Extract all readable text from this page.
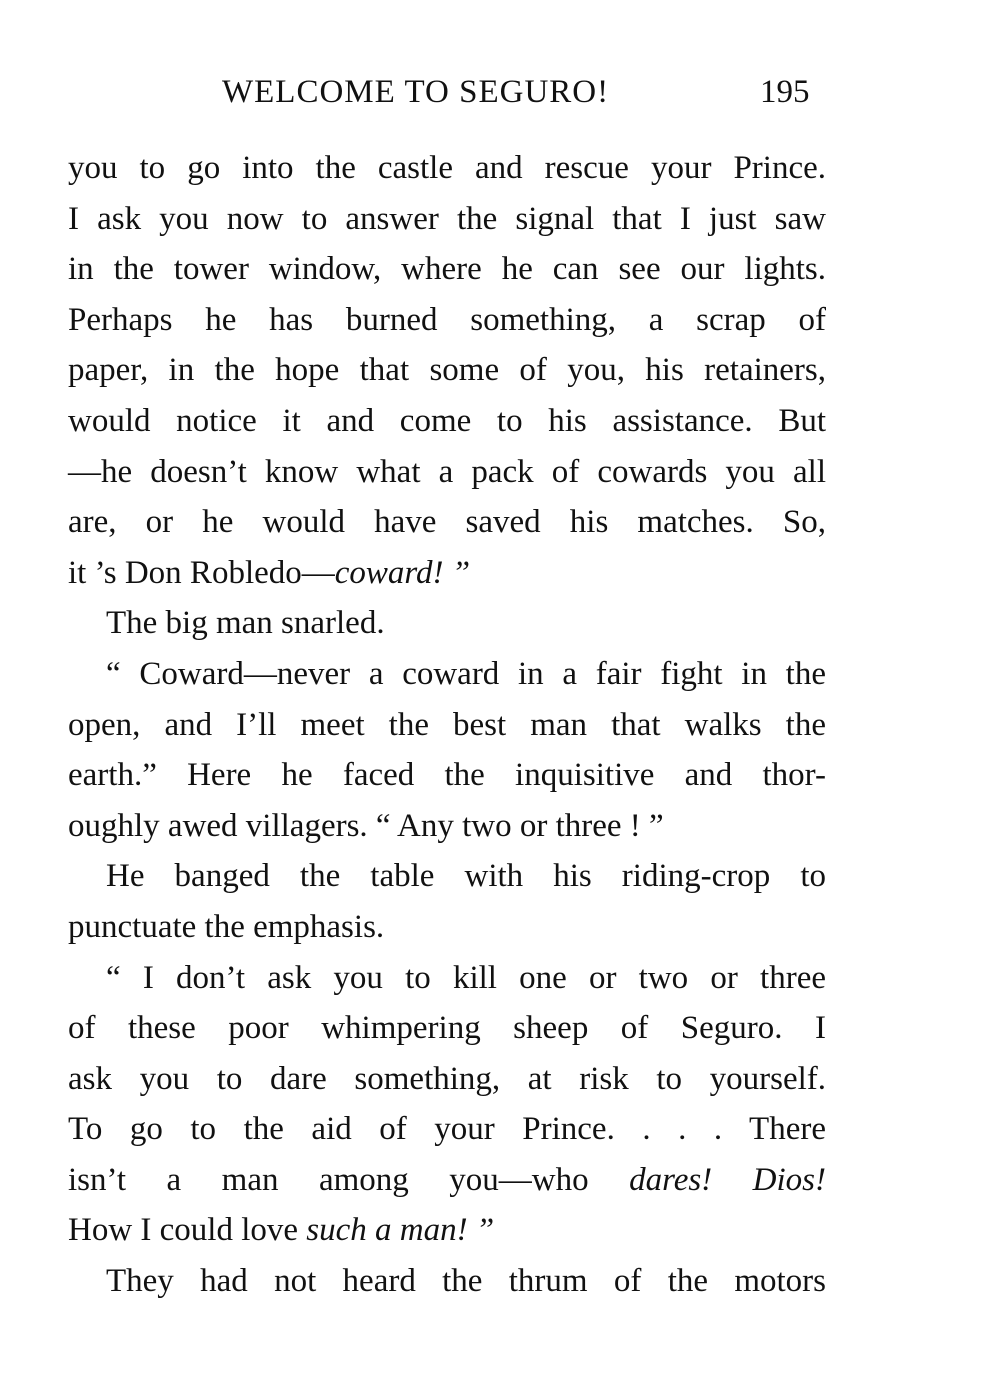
WELCOME TO SEGURO!	195
you to go into the castle and rescue your Prince.
I ask you now to answer the signal that I just saw
in the tower window, where he can see our lights.
Perhaps he has burned something, a scrap of
paper, in the hope that some of you, his retainers,
would notice it and come to his assistance. But
—he doesn’t know what a pack of cowards you all
are, or he would have saved his matches. So,
it ’s Don Robledo—coward! ”
The big man snarled.
“ Coward—never a coward in a fair fight in the
open, and I’ll meet the best man that walks the
earth.” Here he faced the inquisitive and thor-
oughly awed villagers. “ Any two or three ! ”
He banged the table with his riding-crop to
punctuate the emphasis.
“ I don’t ask you to kill one or two or three
of these poor whimpering sheep of Seguro. I
ask you to dare something, at risk to yourself.
To go to the aid of your Prince. . . . There
isn’t a man among you—who dares! Dios!
How I could love such a man! ”
They had not heard the thrum of the motors
